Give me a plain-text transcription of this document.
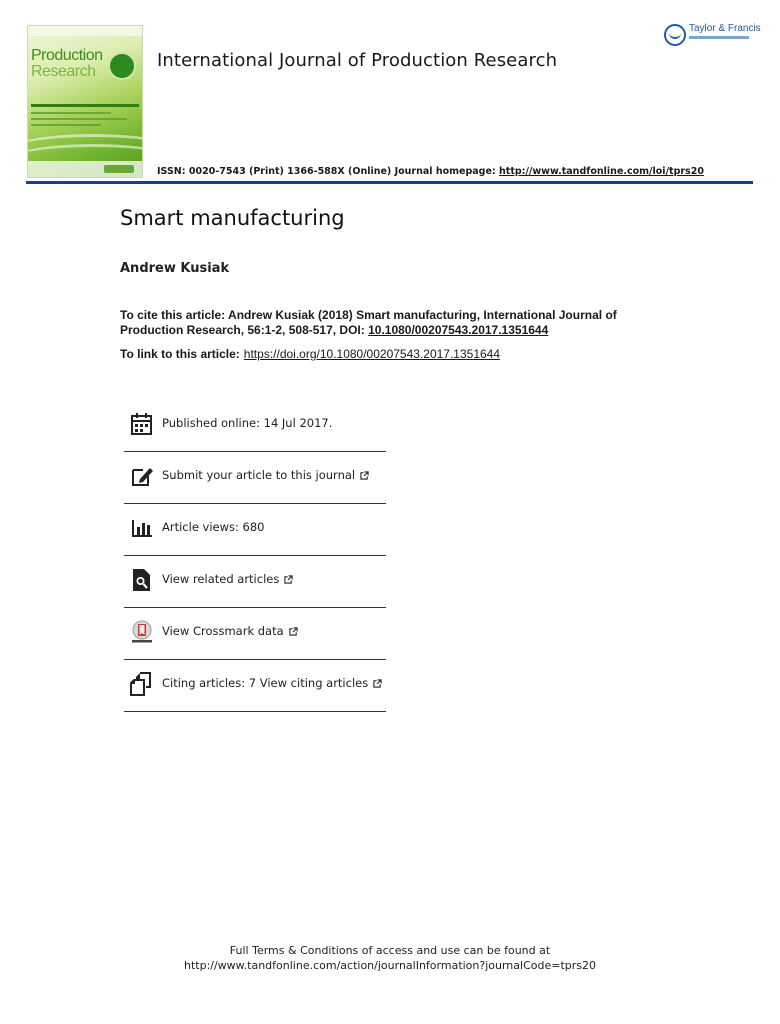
Production
Research
International Journal of Production Research
Taylor & Francis
ISSN: 0020-7543 (Print) 1366-588X (Online) Journal homepage: http://www.tandfonline.com/loi/tprs20
Smart manufacturing
Andrew Kusiak
To cite this article: Andrew Kusiak (2018) Smart manufacturing, International Journal of Production Research, 56:1-2, 508-517, DOI: 10.1080/00207543.2017.1351644
To link to this article: https://doi.org/10.1080/00207543.2017.1351644
Published online: 14 Jul 2017.
Submit your article to this journal
Article views: 680
View related articles
View Crossmark data
Citing articles: 7 View citing articles
Full Terms & Conditions of access and use can be found at
http://www.tandfonline.com/action/journalInformation?journalCode=tprs20
